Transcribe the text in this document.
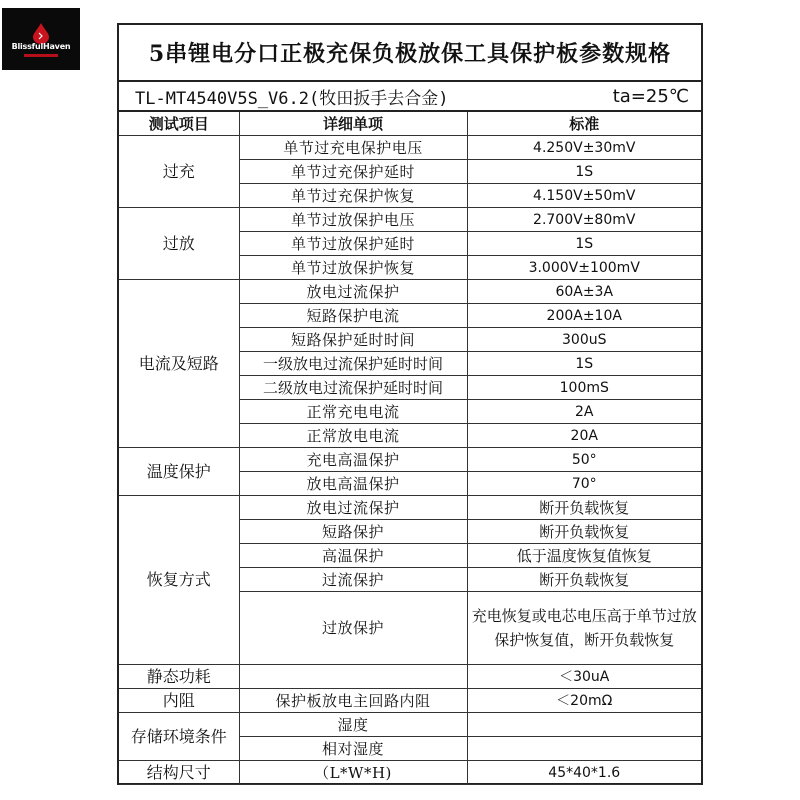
BlissfulHaven	5串锂电分口正极充保负极放保工具保护板参数规格
TL-MT4540V5S_V6.2(牧田扳手去合金)	ta=25℃
测试项目	详细单项	标准
过充	单节过充电保护电压	4.250V±30mV
	单节过充保护延时	1S
	单节过充保护恢复	4.150V±50mV
过放	单节过放保护电压	2.700V±80mV
	单节过放保护延时	1S
	单节过放保护恢复	3.000V±100mV
电流及短路	放电过流保护	60A±3A
	短路保护电流	200A±10A
	短路保护延时时间	300uS
	一级放电过流保护延时时间	1S
	二级放电过流保护延时时间	100mS
	正常充电电流	2A
	正常放电电流	20A
温度保护	充电高温保护	50°
	放电高温保护	70°
恢复方式	放电过流保护	断开负载恢复
	短路保护	断开负载恢复
	高温保护	低于温度恢复值恢复
	过流保护	断开负载恢复
	过放保护	充电恢复或电芯电压高于单节过放保护恢复值，断开负载恢复
静态功耗		＜30uA
内阻	保护板放电主回路内阻	＜20mΩ
存储环境条件	湿度	
	相对湿度	
结构尺寸	（L*W*H)	45*40*1.6
